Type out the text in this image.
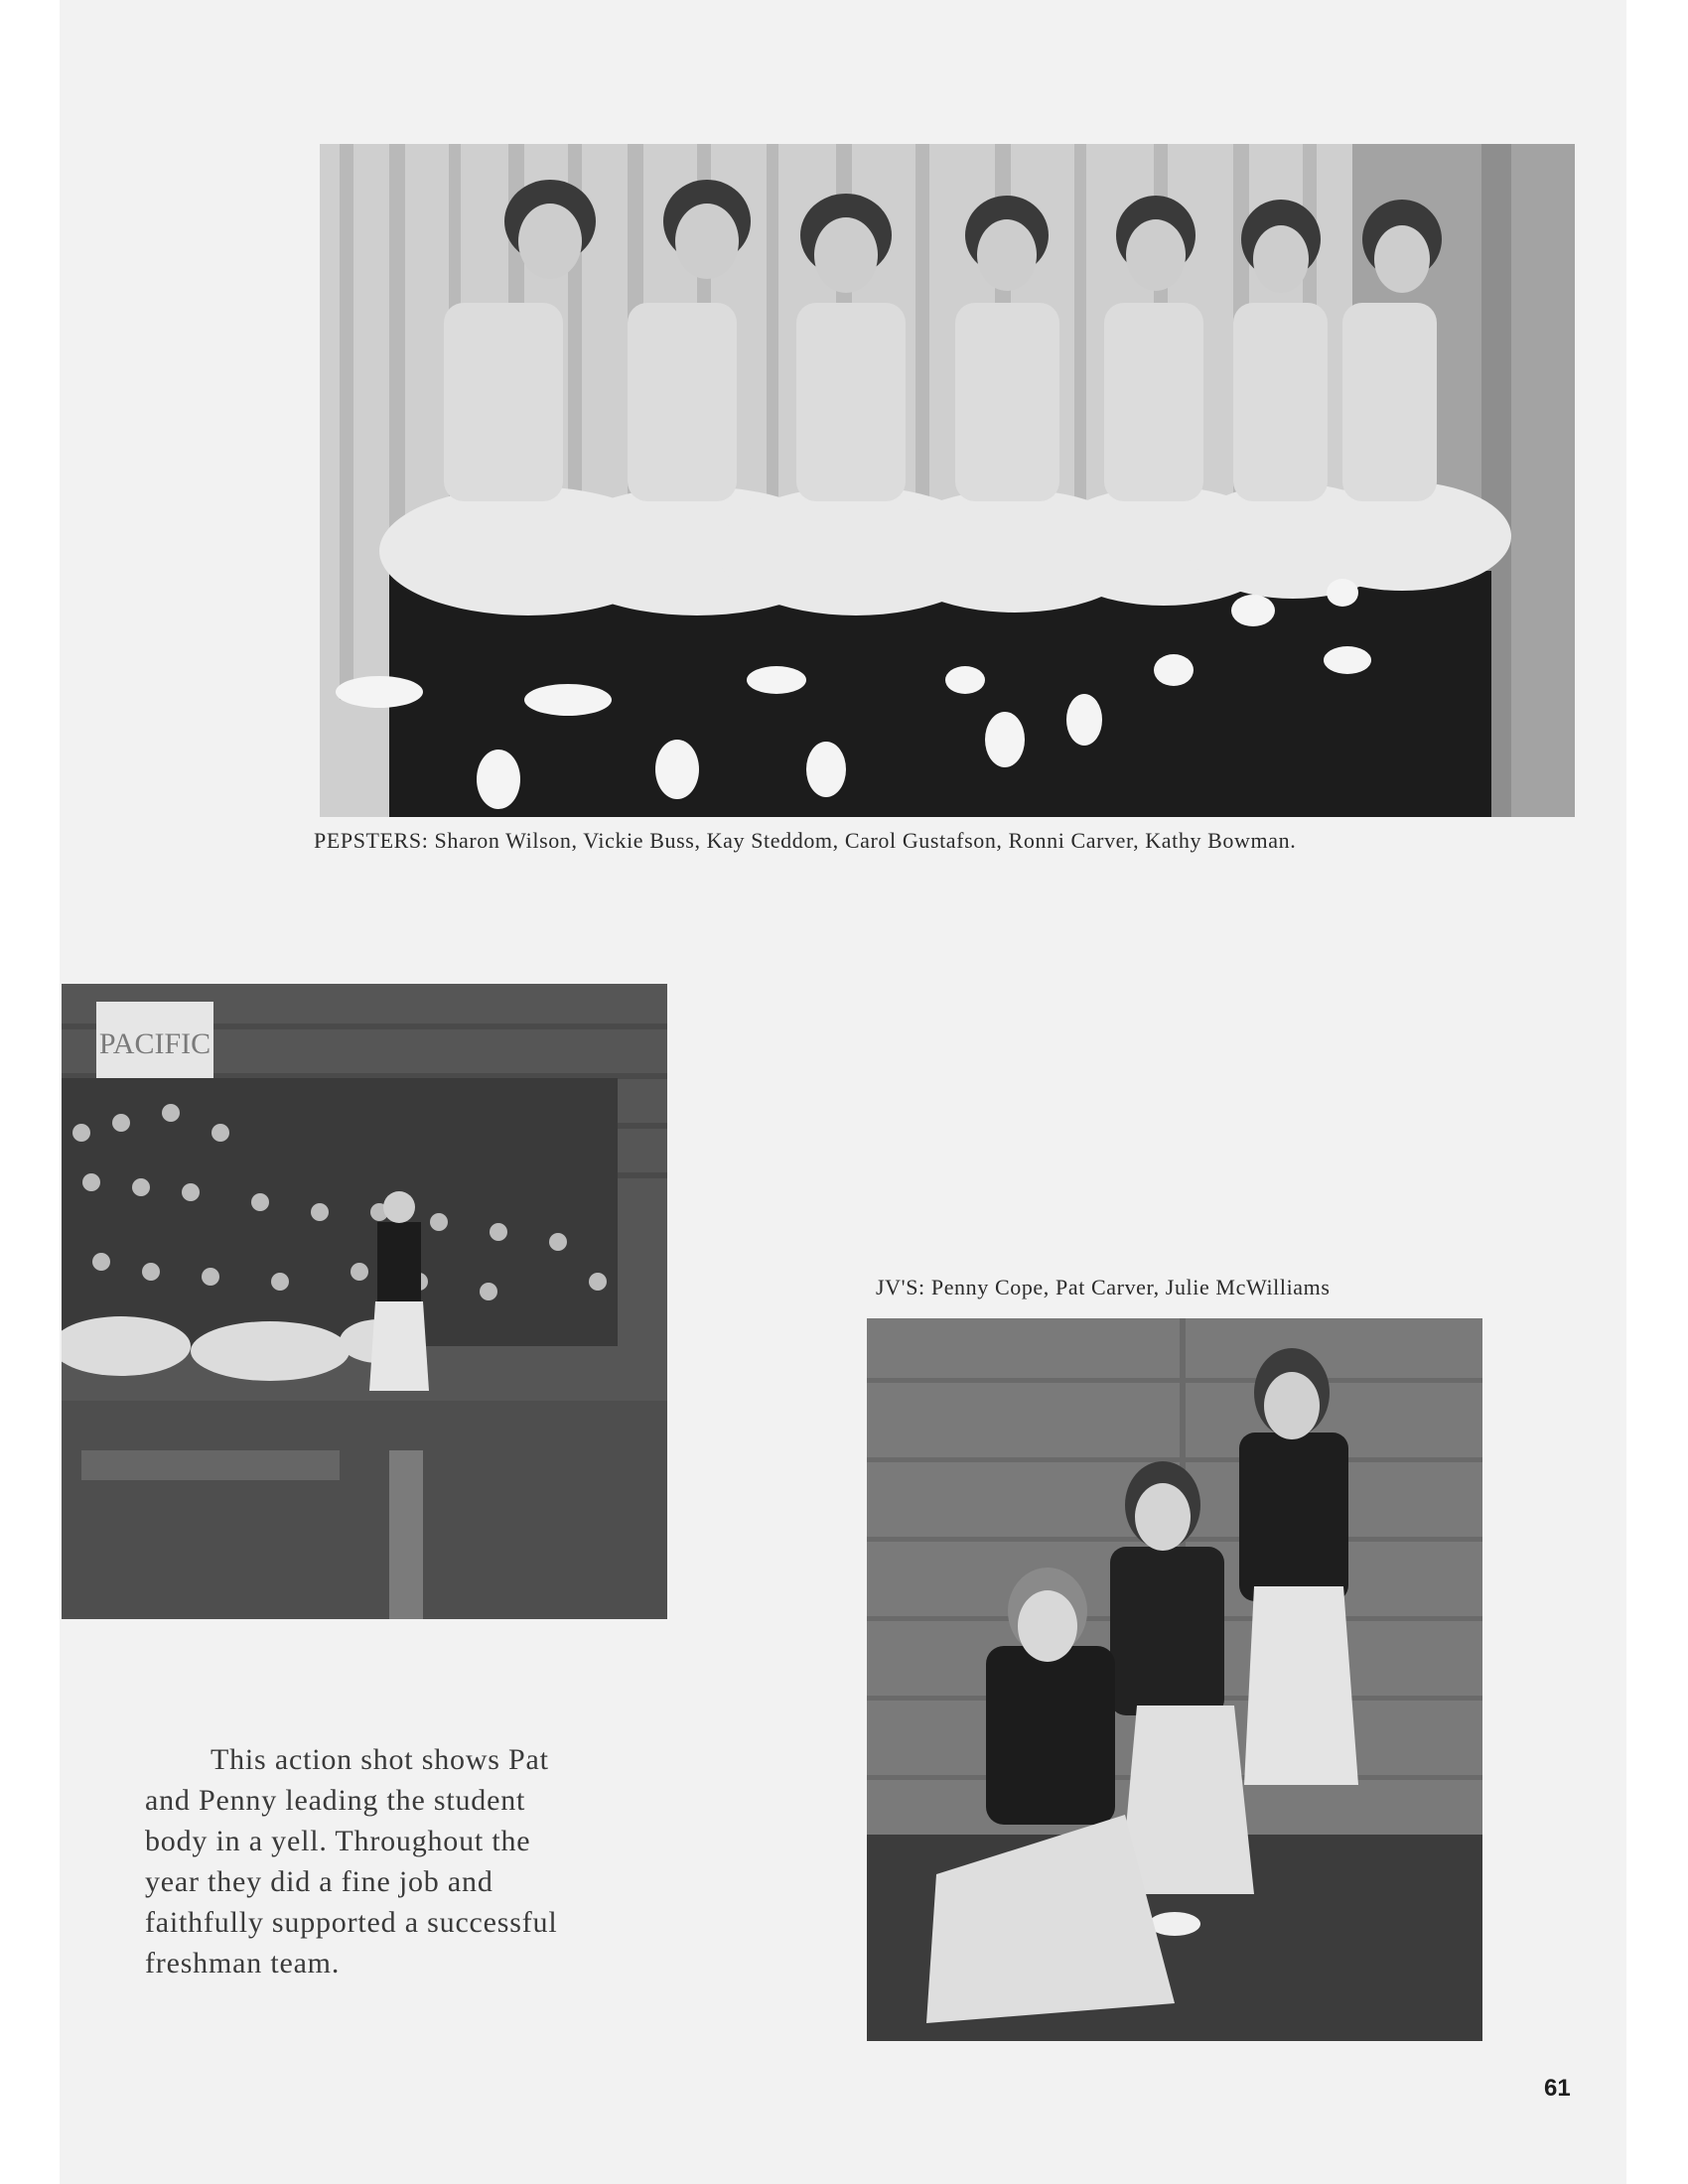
PEPSTERS: Sharon Wilson, Vickie Buss, Kay Steddom, Carol Gustafson, Ronni Carver, Kathy Bowman.
PACIFIC
JV'S: Penny Cope, Pat Carver, Julie McWilliams

This action shot shows Pat

and Penny leading the student

body in a yell. Throughout the

year they did a fine job and

faithfully supported a successful

freshman team.

61
